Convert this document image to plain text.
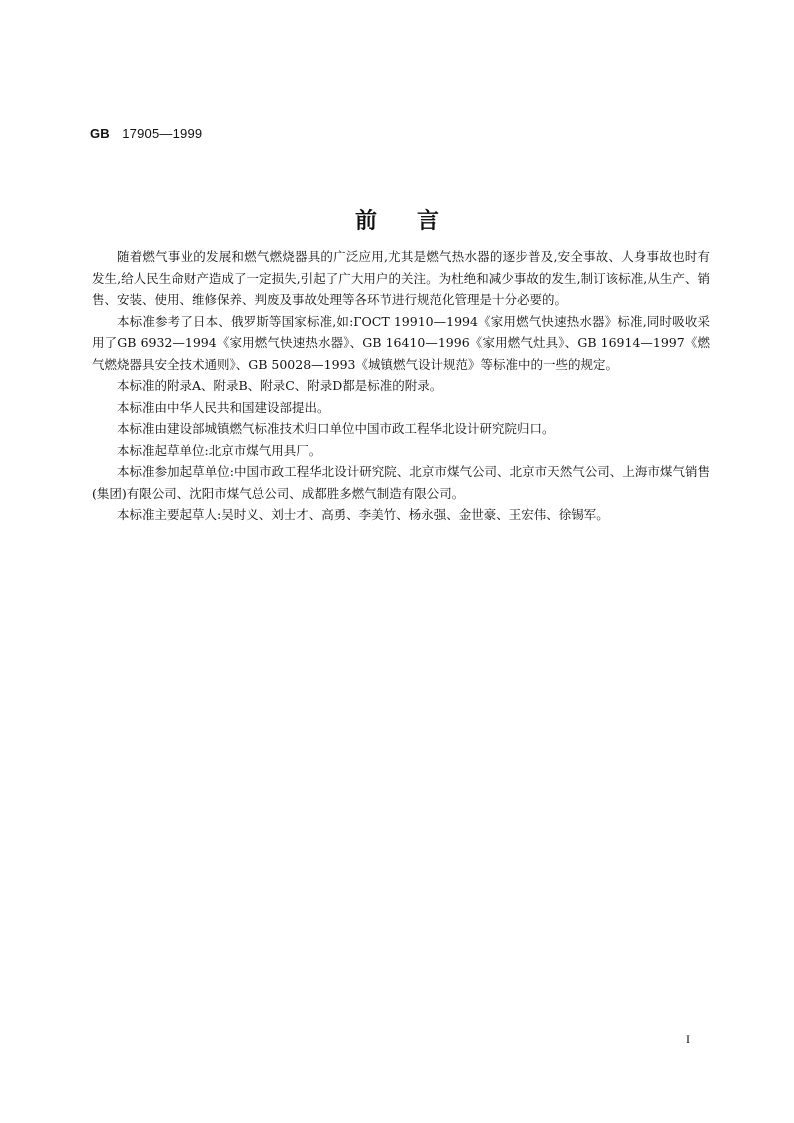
GB 17905—1999
前言

随着燃气事业的发展和燃气燃烧器具的广泛应用,尤其是燃气热水器的逐步普及,安全事故、人身事故也时有发生,给人民生命财产造成了一定损失,引起了广大用户的关注。为杜绝和减少事故的发生,制订该标准,从生产、销售、安装、使用、维修保养、判废及事故处理等各环节进行规范化管理是十分必要的。

本标准参考了日本、俄罗斯等国家标准,如:ГОСТ 19910—1994《家用燃气快速热水器》标准,同时吸收采用了GB 6932—1994《家用燃气快速热水器》、GB 16410—1996《家用燃气灶具》、GB 16914—1997《燃气燃烧器具安全技术通则》、GB 50028—1993《城镇燃气设计规范》等标准中的一些的规定。

本标准的附录A、附录B、附录C、附录D都是标准的附录。

本标准由中华人民共和国建设部提出。

本标准由建设部城镇燃气标准技术归口单位中国市政工程华北设计研究院归口。

本标准起草单位:北京市煤气用具厂。

本标准参加起草单位:中国市政工程华北设计研究院、北京市煤气公司、北京市天然气公司、上海市煤气销售(集团)有限公司、沈阳市煤气总公司、成都胜多燃气制造有限公司。

本标准主要起草人:吴时义、刘士才、高勇、李美竹、杨永强、金世豪、王宏伟、徐锡军。

I
